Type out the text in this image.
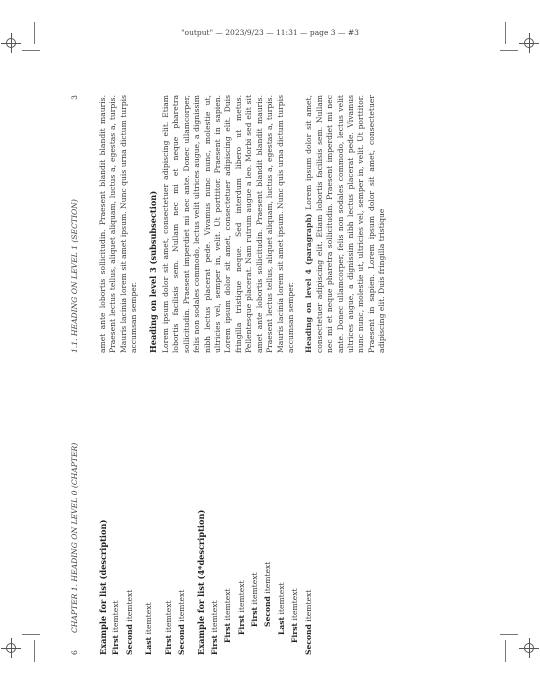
"output" — 2023/9/23 — 11:31 — page 3 — #3
6
CHAPTER 1. HEADING ON LEVEL 0 (CHAPTER)
1.1. HEADING ON LEVEL 1 (SECTION)
3
Example for list (description) First itemtext
Second itemtext
Last itemtext
First itemtext
Second itemtext Example for list (4*description) First itemtext
First itemtext
First itemtext
First itemtext
Second itemtext
Last itemtext
First itemtext
Second itemtext
amet ante lobortis sollicitudin. Praesent blandit blandit mauris. Praesent lectus tellus, aliquet aliquam, luctus a, egestas a, turpis. Mauris lacinia lorem sit amet ipsum. Nunc quis urna dictum turpis accumsan semper. Heading on level 3 (subsubsection) Lorem ipsum dolor sit amet, consectetuer adipiscing elit. Etiam lobortis facilisis sem. Nullam nec mi et neque pharetra sollicitudin. Praesent imperdiet mi nec ante. Donec ullamcorper, felis non sodales commodo, lectus velit ultrices augue, a dignissim nibh lectus placerat pede. Vivamus nunc nunc, molestie ut, ultricies vel, semper in, velit. Ut porttitor. Praesent in sapien. Lorem ipsum dolor sit amet, consectetuer adipiscing elit. Duis fringilla tristique neque. Sed interdum libero ut metus. Pellentesque placerat. Nam rutrum augue a leo. Morbi sed elit sit amet ante lobortis sollicitudin. Praesent blandit blandit mauris. Praesent lectus tellus, aliquet aliquam, luctus a, egestas a, turpis. Mauris lacinia lorem sit amet ipsum. Nunc quis urna dictum turpis accumsan semper. Heading on level 4 (paragraph) Lorem ipsum dolor sit amet, consectetuer adipiscing elit. Etiam lobortis facilisis sem. Nullam nec mi et neque pharetra sollicitudin. Praesent imperdiet mi nec ante. Donec ullamcorper, felis non sodales commodo, lectus velit ultrices augue, a dignissim nibh lectus placerat pede. Vivamus nunc nunc, molestie ut, ultricies vel, semper in, velit. Ut porttitor. Praesent in sapien. Lorem ipsum dolor sit amet, consectetuer adipiscing elit. Duis fringilla tristique
